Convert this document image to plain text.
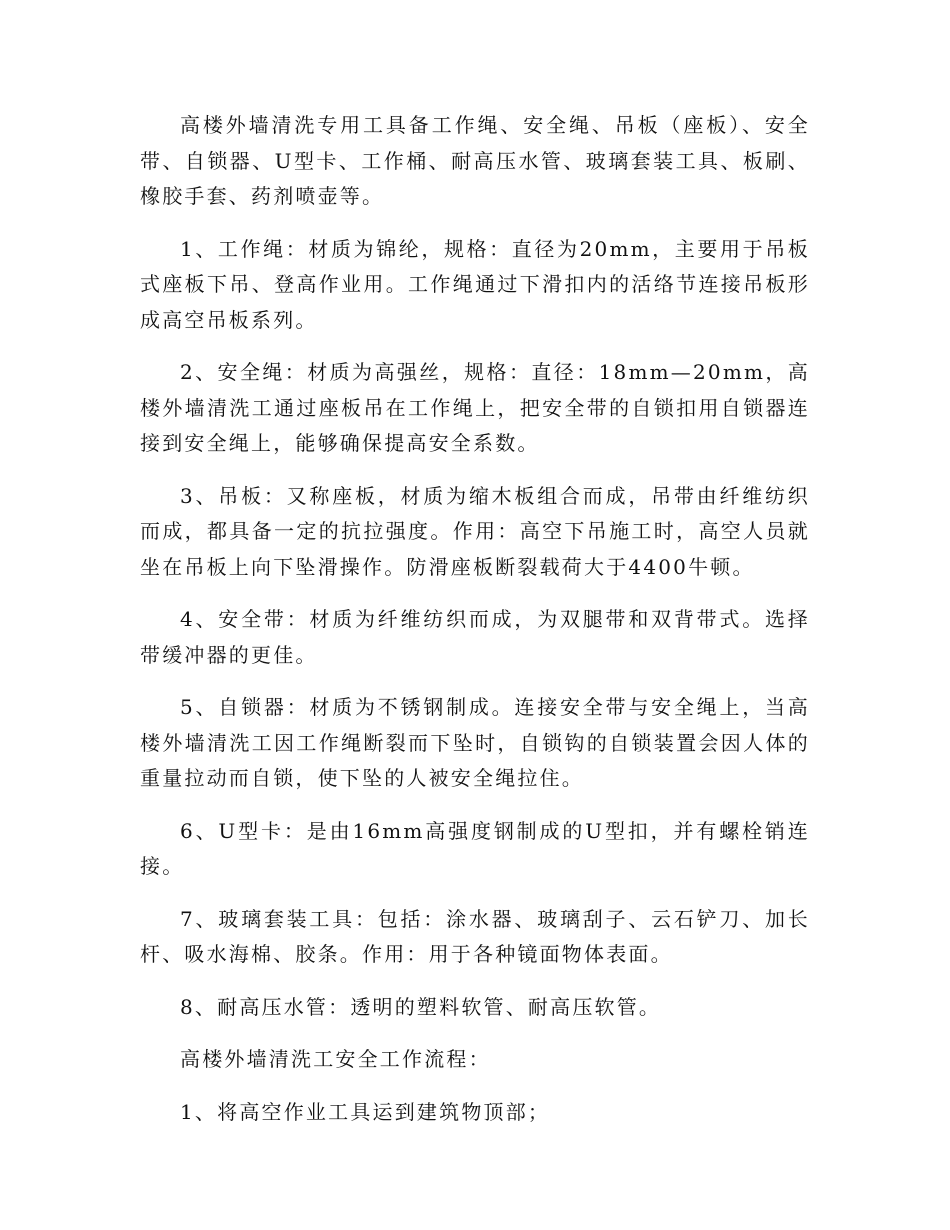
高楼外墙清洗专用工具备工作绳、安全绳、吊板（座板）、安全带、自锁器、U型卡、工作桶、耐高压水管、玻璃套装工具、板刷、橡胶手套、药剂喷壶等。

1、工作绳：材质为锦纶，规格：直径为20mm，主要用于吊板式座板下吊、登高作业用。工作绳通过下滑扣内的活络节连接吊板形成高空吊板系列。

2、安全绳：材质为高强丝，规格：直径：18mm—20mm，高楼外墙清洗工通过座板吊在工作绳上，把安全带的自锁扣用自锁器连接到安全绳上，能够确保提高安全系数。

3、吊板：又称座板，材质为缩木板组合而成，吊带由纤维纺织而成，都具备一定的抗拉强度。作用：高空下吊施工时，高空人员就坐在吊板上向下坠滑操作。防滑座板断裂载荷大于4400牛顿。

4、安全带：材质为纤维纺织而成，为双腿带和双背带式。选择带缓冲器的更佳。

5、自锁器：材质为不锈钢制成。连接安全带与安全绳上，当高楼外墙清洗工因工作绳断裂而下坠时，自锁钩的自锁装置会因人体的重量拉动而自锁，使下坠的人被安全绳拉住。

6、U型卡：是由16mm高强度钢制成的U型扣，并有螺栓销连接。

7、玻璃套装工具：包括：涂水器、玻璃刮子、云石铲刀、加长杆、吸水海棉、胶条。作用：用于各种镜面物体表面。

8、耐高压水管：透明的塑料软管、耐高压软管。

高楼外墙清洗工安全工作流程：

1、将高空作业工具运到建筑物顶部；
